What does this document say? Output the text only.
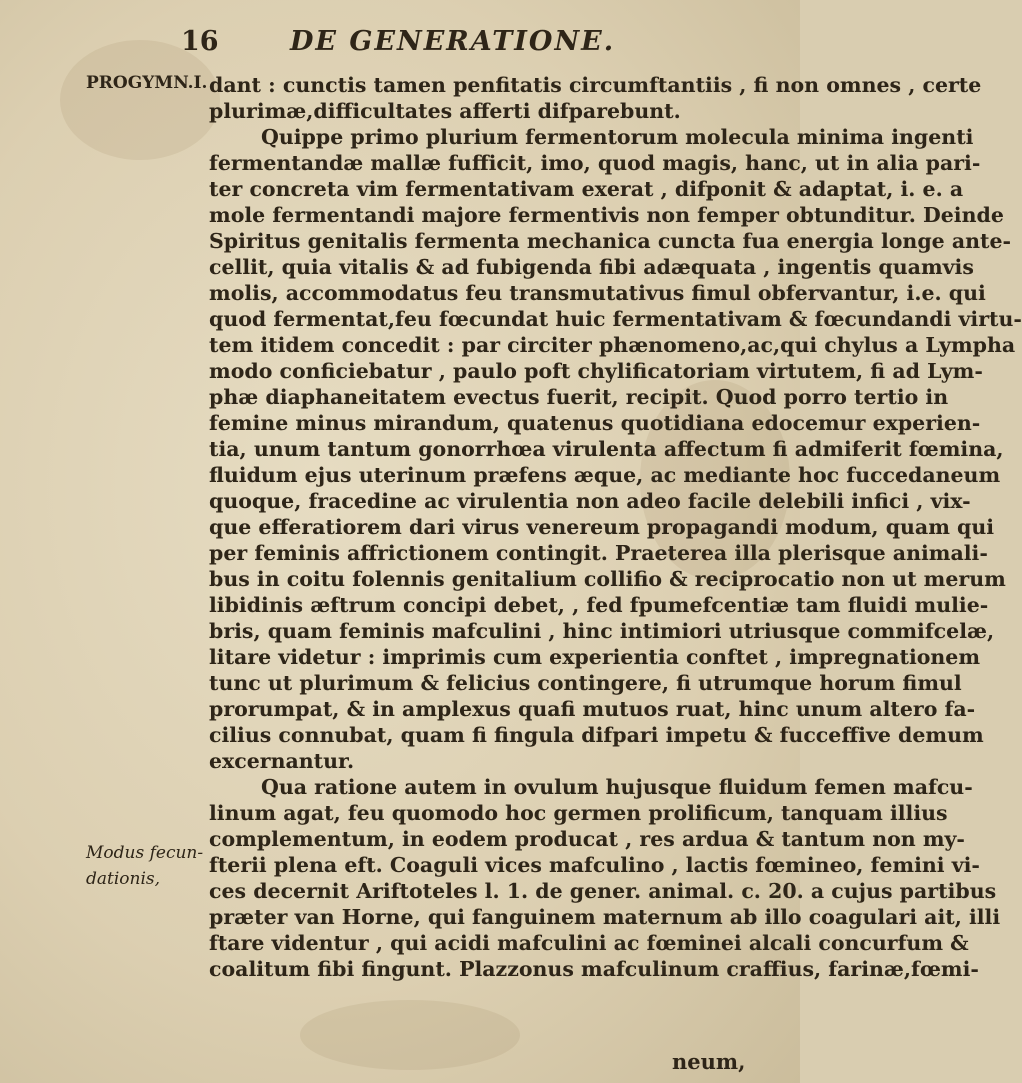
16	DE GENERATIONE.
PROGYMN.I.
Modus fecun-
dationis,
dant : cunctis tamen penfitatis circumftantiis , fi non omnes , certe
plurimæ,difficultates afferti difparebunt.
Quippe primo plurium fermentorum molecula minima ingenti
fermentandæ mallæ fufficit, imo, quod magis, hanc, ut in alia pari-
ter concreta vim fermentativam exerat , difponit & adaptat, i. e. a
mole fermentandi majore fermentivis non femper obtunditur. Deinde
Spiritus genitalis fermenta mechanica cuncta fua energia longe ante-
cellit, quia vitalis & ad fubigenda fibi adæquata , ingentis quamvis
molis, accommodatus feu transmutativus fimul obfervantur, i.e. qui
quod fermentat,feu fœcundat huic fermentativam & fœcundandi virtu-
tem itidem concedit : par circiter phænomeno,ac,qui chylus a Lympha
modo conficiebatur , paulo poft chylificatoriam virtutem, fi ad Lym-
phæ diaphaneitatem evectus fuerit, recipit. Quod porro tertio in
femine minus mirandum, quatenus quotidiana edocemur experien-
tia, unum tantum gonorrhœa virulenta affectum fi admiferit fœmina,
fluidum ejus uterinum præfens æque, ac mediante hoc fuccedaneum
quoque, fracedine ac virulentia non adeo facile delebili infici , vix-
que efferatiorem dari virus venereum propagandi modum, quam qui
per feminis affrictionem contingit. Praeterea illa plerisque animali-
bus in coitu folennis genitalium collifio & reciprocatio non ut merum
libidinis æftrum concipi debet, , fed fpumefcentiæ tam fluidi mulie-
bris, quam feminis mafculini , hinc intimiori utriusque commifcelæ,
litare videtur : imprimis cum experientia conftet , impregnationem
tunc ut plurimum & felicius contingere, fi utrumque horum fimul
prorumpat, & in amplexus quafi mutuos ruat, hinc unum altero fa-
cilius connubat, quam fi fingula difpari impetu & fucceffive demum
excernantur.
Qua ratione autem in ovulum hujusque fluidum femen mafcu-
linum agat, feu quomodo hoc germen prolificum, tanquam illius
complementum, in eodem producat , res ardua & tantum non my-
fterii plena eft. Coaguli vices mafculino , lactis fœmineo, femini vi-
ces decernit Ariftoteles l. 1. de gener. animal. c. 20. a cujus partibus
præter van Horne, qui fanguinem maternum ab illo coagulari ait, illi
ftare videntur , qui acidi mafculini ac fœminei alcali concurfum &
coalitum fibi fingunt. Plazzonus mafculinum craffius, farinæ,fœmi-
neum,
